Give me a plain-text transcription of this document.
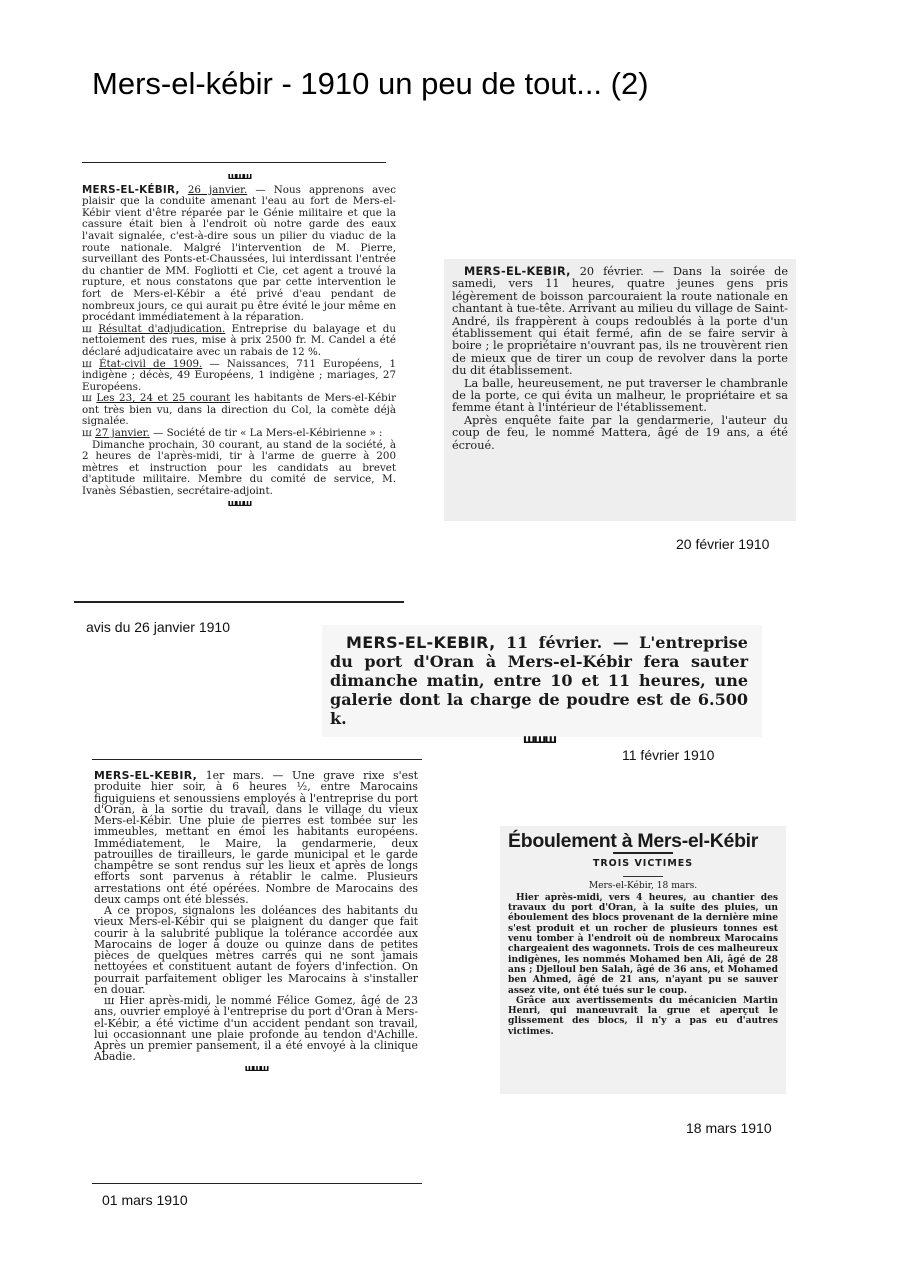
Mers-el-kébir - 1910 un peu de tout... (2)
ꟺꟺꟺ

MERS-EL-KÉBIR, 26 janvier. — Nous apprenons avec plaisir que la conduite amenant l'eau au fort de Mers-el-Kébir vient d'être réparée par le Génie militaire et que la cassure était bien à l'endroit où notre garde des eaux l'avait signalée, c'est-à-dire sous un pilier du viaduc de la route nationale. Malgré l'intervention de M. Pierre, surveillant des Ponts-et-Chaussées, lui interdissant l'entrée du chantier de MM. Fogliotti et Cie, cet agent a trouvé la rupture, et nous constatons que par cette intervention le fort de Mers-el-Kébir a été privé d'eau pendant de nombreux jours, ce qui aurait pu être évité le jour même en procédant immédiatement à la réparation.

ꟺ Résultat d'adjudication. Entreprise du balayage et du nettoiement des rues, mise à prix 2500 fr. M. Candel a été déclaré adjudicataire avec un rabais de 12 %.

ꟺ État-civil de 1909. — Naissances, 711 Européens, 1 indigène ; décès, 49 Européens, 1 indigène ; mariages, 27 Européens.

ꟺ Les 23, 24 et 25 courant les habitants de Mers-el-Kébir ont très bien vu, dans la direction du Col, la comète déjà signalée.

ꟺ 27 janvier. — Société de tir « La Mers-el-Kébirienne » :

Dimanche prochain, 30 courant, au stand de la société, à 2 heures de l'après-midi, tir à l'arme de guerre à 200 mètres et instruction pour les candidats au brevet d'aptitude militaire. Membre du comité de service, M. Ivanès Sébastien, secrétaire-adjoint.

ꟺꟺꟺ
avis du 26 janvier 1910

MERS-EL-KEBIR, 20 février. — Dans la soirée de samedi, vers 11 heures, quatre jeunes gens pris légèrement de boisson parcouraient la route nationale en chantant à tue-tête. Arrivant au milieu du village de Saint-André, ils frappèrent à coups redoublés à la porte d'un établissement qui était fermé, afin de se faire servir à boire ; le propriétaire n'ouvrant pas, ils ne trouvèrent rien de mieux que de tirer un coup de revolver dans la porte du dit établissement.

La balle, heureusement, ne put traverser le chambranle de la porte, ce qui évita un malheur, le propriétaire et sa femme étant à l'intérieur de l'établissement.

Après enquête faite par la gendarmerie, l'auteur du coup de feu, le nommé Mattera, âgé de 19 ans, a été écroué.

20 février 1910

MERS-EL-KEBIR, 11 février. — L'entreprise du port d'Oran à Mers-el-Kébir fera sauter dimanche matin, entre 10 et 11 heures, une galerie dont la charge de poudre est de 6.500 k.

ꟺꟺꟺ
11 février 1910

MERS-EL-KEBIR, 1er mars. — Une grave rixe s'est produite hier soir, à 6 heures ½, entre Marocains figuiguiens et senoussiens employés à l'entreprise du port d'Oran, à la sortie du travail, dans le village du vieux Mers-el-Kébir. Une pluie de pierres est tombée sur les immeubles, mettant en émoi les habitants européens. Immédiatement, le Maire, la gendarmerie, deux patrouilles de tirailleurs, le garde municipal et le garde champêtre se sont rendus sur les lieux et après de longs efforts sont parvenus à rétablir le calme. Plusieurs arrestations ont été opérées. Nombre de Marocains des deux camps ont été blessés.

A ce propos, signalons les doléances des habitants du vieux Mers-el-Kébir qui se plaignent du danger que fait courir à la salubrité publique la tolérance accordée aux Marocains de loger à douze ou quinze dans de petites pièces de quelques mètres carrés qui ne sont jamais nettoyées et constituent autant de foyers d'infection. On pourrait parfaitement obliger les Marocains à s'installer en douar.

ꟺ Hier après-midi, le nommé Félice Gomez, âgé de 23 ans, ouvrier employé à l'entreprise du port d'Oran à Mers-el-Kébir, a été victime d'un accident pendant son travail, lui occasionnant une plaie profonde au tendon d'Achille. Après un premier pansement, il a été envoyé à la clinique Abadie.

ꟺꟺꟺ
01 mars 1910

Éboulement à Mers-el-Kébir

TROIS VICTIMES

Mers-el-Kébir, 18 mars.

Hier après-midi, vers 4 heures, au chantier des travaux du port d'Oran, à la suite des pluies, un éboulement des blocs provenant de la dernière mine s'est produit et un rocher de plusieurs tonnes est venu tomber à l'endroit où de nombreux Marocains chargeaient des wagonnets. Trois de ces malheureux indigènes, les nommés Mohamed ben Ali, âgé de 28 ans ; Djelloul ben Salah, âgé de 36 ans, et Mohamed ben Ahmed, âgé de 21 ans, n'ayant pu se sauver assez vite, ont été tués sur le coup.

Grâce aux avertissements du mécanicien Martin Henri, qui manœuvrait la grue et aperçut le glissement des blocs, il n'y a pas eu d'autres victimes.

18 mars 1910
